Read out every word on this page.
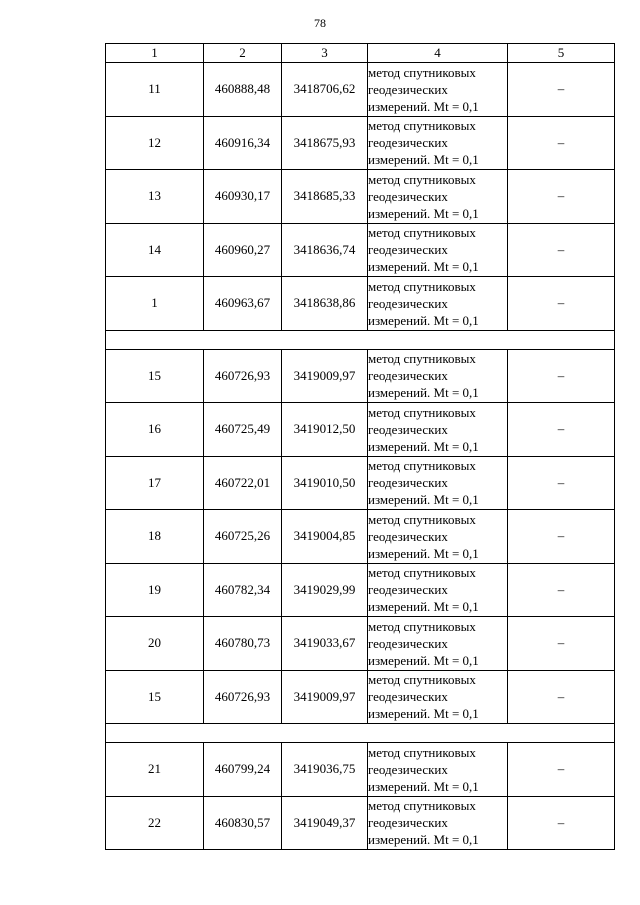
78
1	2	3	4	5
11	460888,48	3418706,62	метод спутниковых
геодезических
измерений. Mt = 0,1	–
12	460916,34	3418675,93	метод спутниковых
геодезических
измерений. Mt = 0,1	–
13	460930,17	3418685,33	метод спутниковых
геодезических
измерений. Mt = 0,1	–
14	460960,27	3418636,74	метод спутниковых
геодезических
измерений. Mt = 0,1	–
1	460963,67	3418638,86	метод спутниковых
геодезических
измерений. Mt = 0,1	–

15	460726,93	3419009,97	метод спутниковых
геодезических
измерений. Mt = 0,1	–
16	460725,49	3419012,50	метод спутниковых
геодезических
измерений. Mt = 0,1	–
17	460722,01	3419010,50	метод спутниковых
геодезических
измерений. Mt = 0,1	–
18	460725,26	3419004,85	метод спутниковых
геодезических
измерений. Mt = 0,1	–
19	460782,34	3419029,99	метод спутниковых
геодезических
измерений. Mt = 0,1	–
20	460780,73	3419033,67	метод спутниковых
геодезических
измерений. Mt = 0,1	–
15	460726,93	3419009,97	метод спутниковых
геодезических
измерений. Mt = 0,1	–

21	460799,24	3419036,75	метод спутниковых
геодезических
измерений. Mt = 0,1	–
22	460830,57	3419049,37	метод спутниковых
геодезических
измерений. Mt = 0,1	–
